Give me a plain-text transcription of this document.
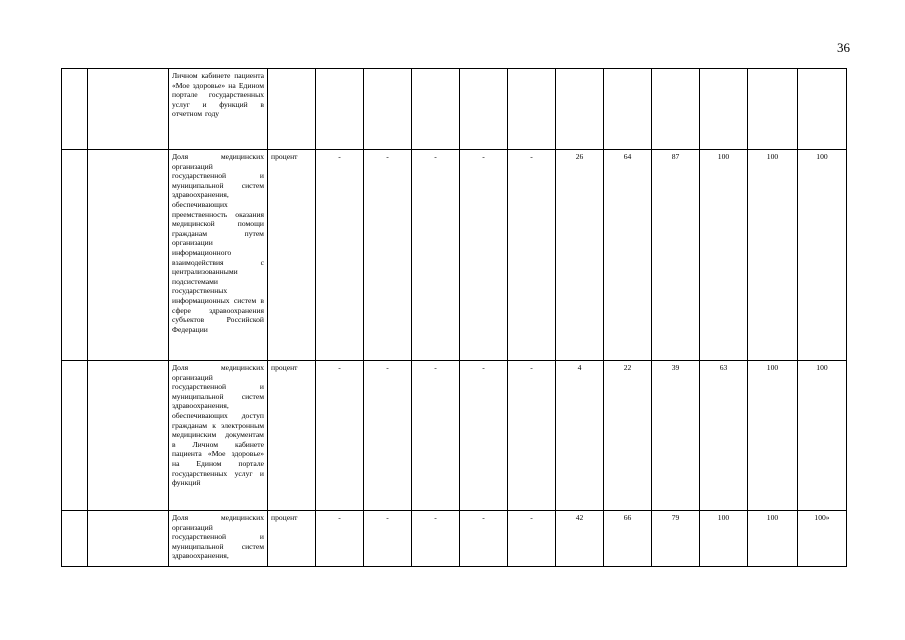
36
		Личном кабинете пациента «Мое здоровье» на Едином портале государственных услуг и функций в отчетном году												
		Доля медицинских организаций государственной и муниципальной систем здравоохранения, обеспечивающих преемственность оказания медицинской помощи гражданам путем организации информационного взаимодействия с централизованными подсистемами государственных информационных систем в сфере здравоохранения субъектов Российской Федерации	процент	-	-	-	-	-	26	64	87	100	100	100
		Доля медицинских организаций государственной и муниципальной систем здравоохранения, обеспечивающих доступ гражданам к электронным медицинским документам в Личном кабинете пациента «Мое здоровье» на Едином портале государственных услуг и функций	процент	-	-	-	-	-	4	22	39	63	100	100
		Доля медицинских организаций государственной и муниципальной систем здравоохранения,	процент	-	-	-	-	-	42	66	79	100	100	100»
